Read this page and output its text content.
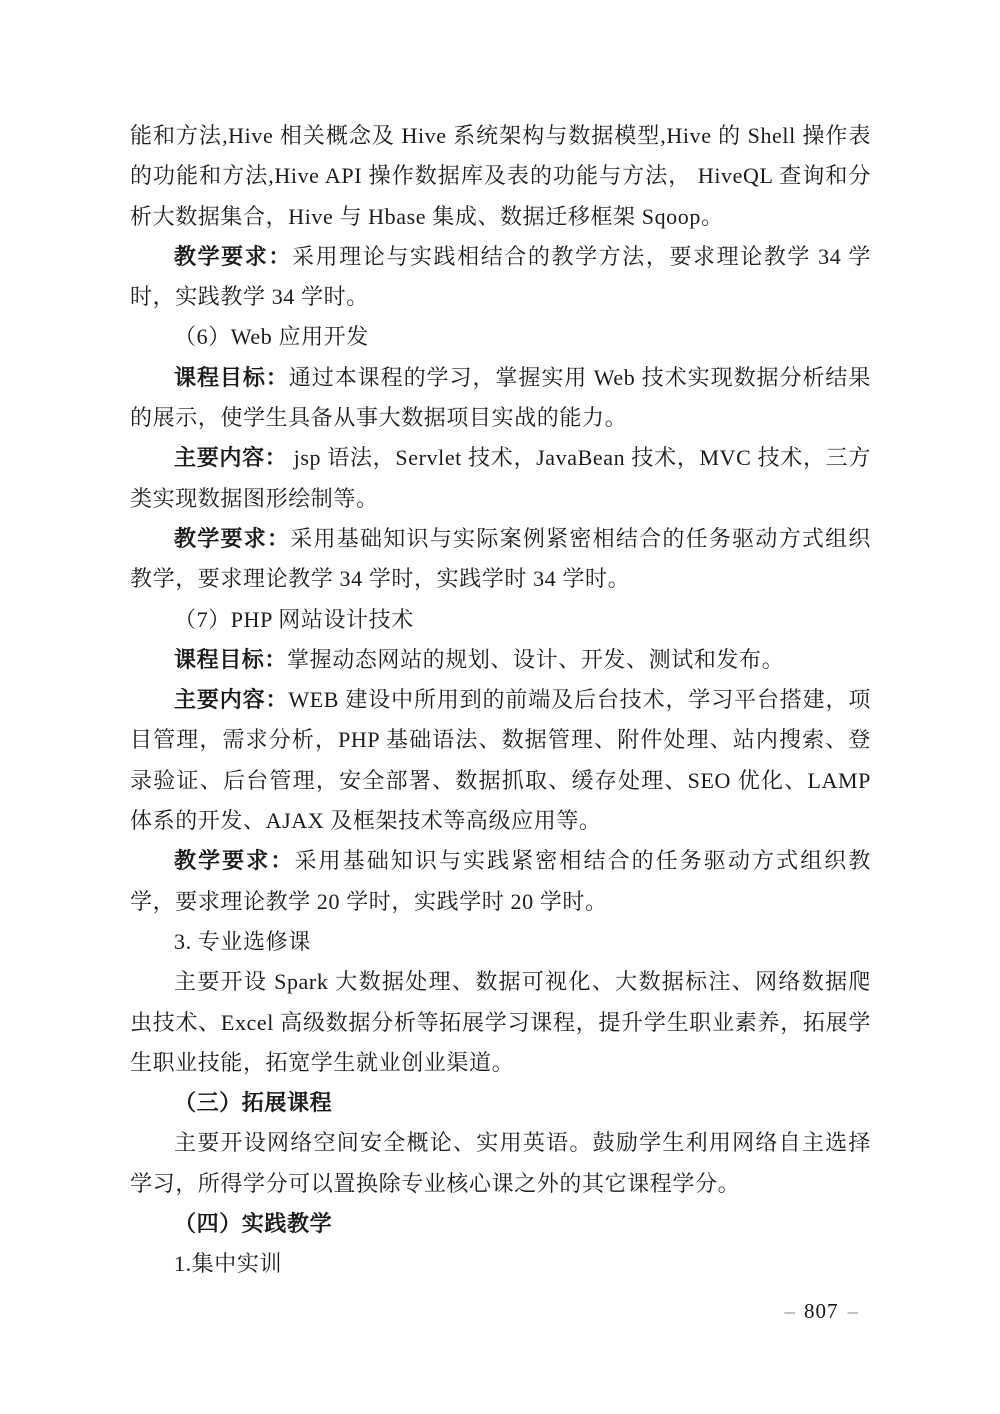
能和方法,Hive 相关概念及 Hive 系统架构与数据模型,Hive 的 Shell 操作表的功能和方法,Hive API 操作数据库及表的功能与方法， HiveQL 查询和分析大数据集合，Hive 与 Hbase 集成、数据迁移框架 Sqoop。

教学要求：采用理论与实践相结合的教学方法，要求理论教学 34 学时，实践教学 34 学时。

（6）Web 应用开发

课程目标：通过本课程的学习，掌握实用 Web 技术实现数据分析结果的展示，使学生具备从事大数据项目实战的能力。

主要内容： jsp 语法，Servlet 技术，JavaBean 技术，MVC 技术，三方类实现数据图形绘制等。

教学要求：采用基础知识与实际案例紧密相结合的任务驱动方式组织教学，要求理论教学 34 学时，实践学时 34 学时。

（7）PHP 网站设计技术

课程目标：掌握动态网站的规划、设计、开发、测试和发布。

主要内容：WEB 建设中所用到的前端及后台技术，学习平台搭建，项目管理，需求分析，PHP 基础语法、数据管理、附件处理、站内搜索、登录验证、后台管理，安全部署、数据抓取、缓存处理、SEO 优化、LAMP 体系的开发、AJAX 及框架技术等高级应用等。

教学要求：采用基础知识与实践紧密相结合的任务驱动方式组织教学，要求理论教学 20 学时，实践学时 20 学时。

3. 专业选修课

主要开设 Spark 大数据处理、数据可视化、大数据标注、网络数据爬虫技术、Excel 高级数据分析等拓展学习课程，提升学生职业素养，拓展学生职业技能，拓宽学生就业创业渠道。

（三）拓展课程

主要开设网络空间安全概论、实用英语。鼓励学生利用网络自主选择学习，所得学分可以置换除专业核心课之外的其它课程学分。

（四）实践教学

1.集中实训

– 807 –
